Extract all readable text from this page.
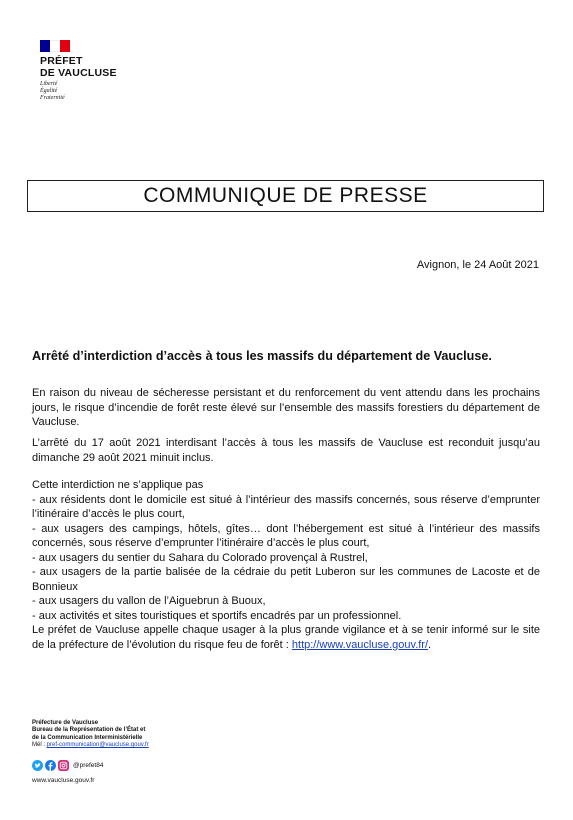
PRÉFET
DE VAUCLUSE
Liberté
Égalité
Fraternité
COMMUNIQUE DE PRESSE
Avignon, le 24 Août 2021
Arrêté d’interdiction d’accès à tous les massifs du département de Vaucluse.

En raison du niveau de sécheresse persistant et du renforcement du vent attendu dans les prochains jours, le risque d’incendie de forêt reste élevé sur l’ensemble des massifs forestiers du département de Vaucluse.

L’arrêté du 17 août 2021 interdisant l’accès à tous les massifs de Vaucluse est reconduit jusqu’au dimanche 29 août 2021 minuit inclus.

Cette interdiction ne s’applique pas
- aux résidents dont le domicile est situé à l’intérieur des massifs concernés, sous réserve d’emprunter l’itinéraire d’accès le plus court,
- aux usagers des campings, hôtels, gîtes… dont l’hébergement est situé à l’intérieur des massifs concernés, sous réserve d’emprunter l’itinéraire d’accès le plus court,
- aux usagers du sentier du Sahara du Colorado provençal à Rustrel,
- aux usagers de la partie balisée de la cédraie du petit Luberon sur les communes de Lacoste et de Bonnieux
- aux usagers du vallon de l’Aiguebrun à Buoux,
- aux activités et sites touristiques et sportifs encadrés par un professionnel.

Le préfet de Vaucluse appelle chaque usager à la plus grande vigilance et à se tenir informé sur le site de la préfecture de l’évolution du risque feu de forêt : http://www.vaucluse.gouv.fr/.

Préfecture de Vaucluse
Bureau de la Représentation de l’État et
de la Communication Interministérielle
Mél : pref-communication@vaucluse.gouv.fr
@prefet84
www.vaucluse.gouv.fr
